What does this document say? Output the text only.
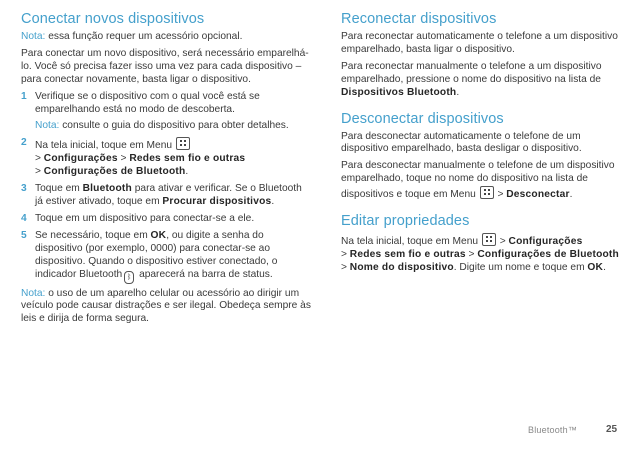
Conectar novos dispositivos

Nota: essa função requer um acessório opcional.

Para conectar um novo dispositivo, será necessário emparelhá-lo. Você só precisa fazer isso uma vez para cada dispositivo – para conectar novamente, basta ligar o dispositivo.

1 Verifique se o dispositivo com o qual você está se emparelhando está no modo de descoberta.

Nota: consulte o guia do dispositivo para obter detalhes.

2 Na tela inicial, toque em Menu
> Configurações > Redes sem fio e outras
> Configurações de Bluetooth.

3 Toque em Bluetooth para ativar e verificar. Se o Bluetooth já estiver ativado, toque em Procurar dispositivos.

4 Toque em um dispositivo para conectar-se a ele.

5 Se necessário, toque em OK, ou digite a senha do dispositivo (por exemplo, 0000) para conectar-se ao dispositivo. Quando o dispositivo estiver conectado, o indicador Bluetooth ᛒ aparecerá na barra de status.

Nota: o uso de um aparelho celular ou acessório ao dirigir um veículo pode causar distrações e ser ilegal. Obedeça sempre às leis e dirija de forma segura.

Reconectar dispositivos

Para reconectar automaticamente o telefone a um dispositivo emparelhado, basta ligar o dispositivo.

Para reconectar manualmente o telefone a um dispositivo emparelhado, pressione o nome do dispositivo na lista de Dispositivos Bluetooth.

Desconectar dispositivos

Para desconectar automaticamente o telefone de um dispositivo emparelhado, basta desligar o dispositivo.

Para desconectar manualmente o telefone de um dispositivo emparelhado, toque no nome do dispositivo na lista de dispositivos e toque em Menu  > Desconectar.

Editar propriedades

Na tela inicial, toque em Menu  > Configurações
> Redes sem fio e outras > Configurações de Bluetooth > Nome do dispositivo. Digite um nome e toque em OK.

Bluetooth™	25
